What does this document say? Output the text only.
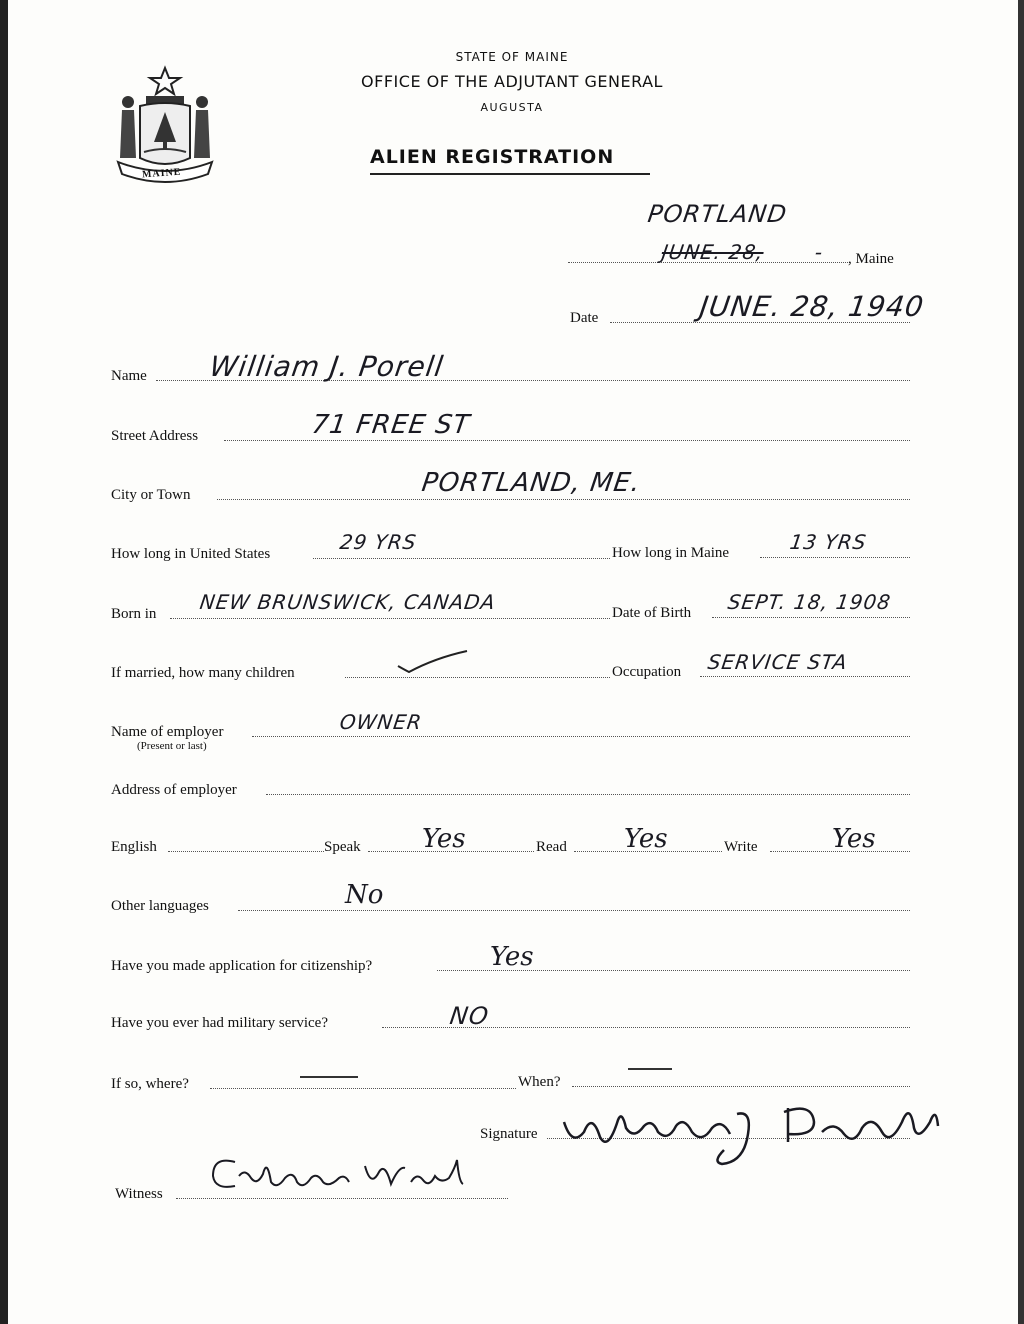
MAINE
STATE OF MAINE
OFFICE OF THE ADJUTANT GENERAL
AUGUSTA
ALIEN REGISTRATION
PORTLAND
JUNE. 28, - , Maine
Date	JUNE. 28, 1940
Name William J. Porell
Street Address	71 FREE ST
City or Town	PORTLAND, ME.
How long in United States	29 YRS	How long in Maine	13 YRS
Born in NEW BRUNSWICK, CANADA	Date of Birth SEPT. 18, 1908
If married, how many children	Occupation SERVICE STA
Name of employer
(Present or last)
OWNER
Address of employer
English	Speak Yes	Read Yes	Write	Yes
Other languages	No
Have you made application for citizenship?	Yes
Have you ever had military service?	NO
If so, where?	When?
Signature
Witness
